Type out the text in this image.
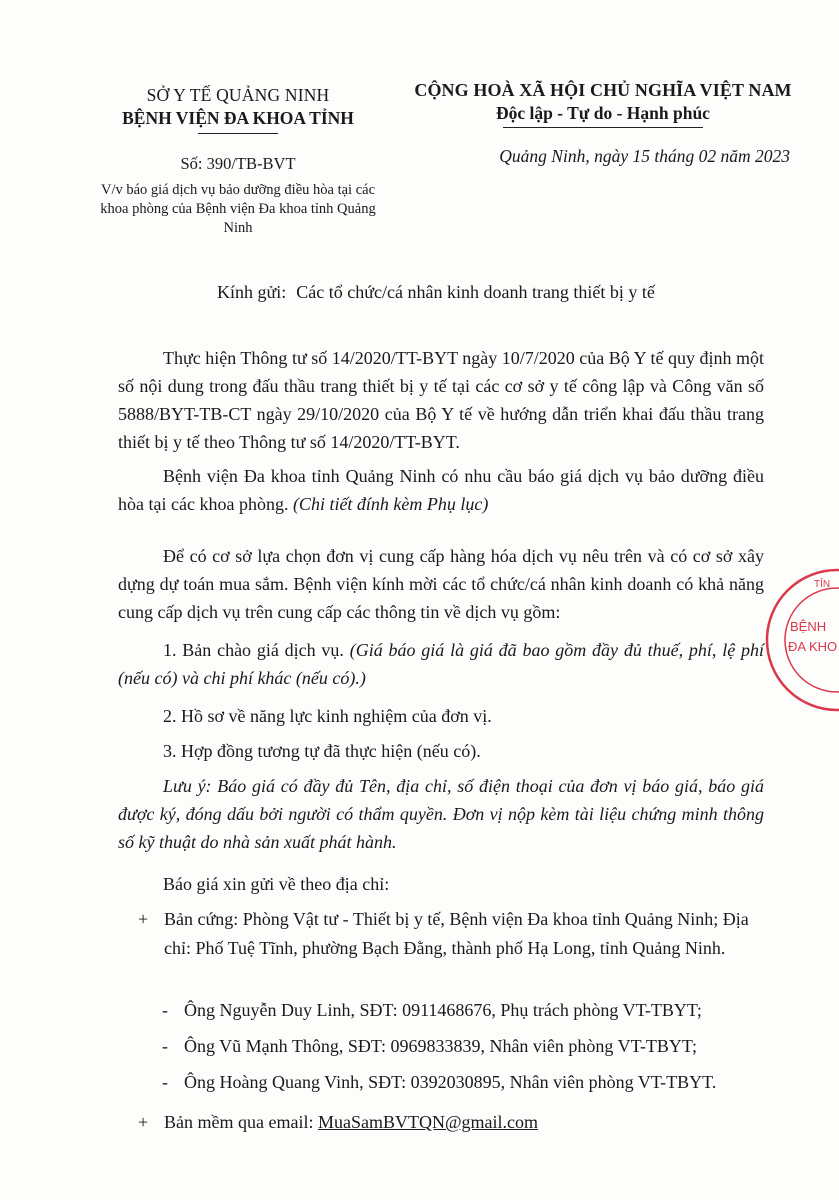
SỞ Y TẾ QUẢNG NINH
BỆNH VIỆN ĐA KHOA TỈNH
Số: 390/TB-BVT
V/v báo giá dịch vụ bảo dưỡng điều hòa tại các khoa phòng của Bệnh viện Đa khoa tỉnh Quảng Ninh
CỘNG HOÀ XÃ HỘI CHỦ NGHĨA VIỆT NAM
Độc lập - Tự do - Hạnh phúc
Quảng Ninh, ngày 15 tháng 02 năm 2023
Kính gửi: Các tổ chức/cá nhân kinh doanh trang thiết bị y tế

Thực hiện Thông tư số 14/2020/TT-BYT ngày 10/7/2020 của Bộ Y tế quy định một số nội dung trong đấu thầu trang thiết bị y tế tại các cơ sở y tế công lập và Công văn số 5888/BYT-TB-CT ngày 29/10/2020 của Bộ Y tế về hướng dẫn triển khai đấu thầu trang thiết bị y tế theo Thông tư số 14/2020/TT-BYT.

Bệnh viện Đa khoa tỉnh Quảng Ninh có nhu cầu báo giá dịch vụ bảo dưỡng điều hòa tại các khoa phòng. (Chi tiết đính kèm Phụ lục)

Để có cơ sở lựa chọn đơn vị cung cấp hàng hóa dịch vụ nêu trên và có cơ sở xây dựng dự toán mua sắm. Bệnh viện kính mời các tổ chức/cá nhân kinh doanh có khả năng cung cấp dịch vụ trên cung cấp các thông tin về dịch vụ gồm:

1. Bản chào giá dịch vụ. (Giá báo giá là giá đã bao gồm đầy đủ thuế, phí, lệ phí (nếu có) và chi phí khác (nếu có).)
2. Hồ sơ về năng lực kinh nghiệm của đơn vị.
3. Hợp đồng tương tự đã thực hiện (nếu có).

Lưu ý: Báo giá có đầy đủ Tên, địa chỉ, số điện thoại của đơn vị báo giá, báo giá được ký, đóng dấu bởi người có thẩm quyền. Đơn vị nộp kèm tài liệu chứng minh thông số kỹ thuật do nhà sản xuất phát hành.

Báo giá xin gửi về theo địa chỉ:
+ Bản cứng: Phòng Vật tư - Thiết bị y tế, Bệnh viện Đa khoa tỉnh Quảng Ninh; Địa chỉ: Phố Tuệ Tĩnh, phường Bạch Đằng, thành phố Hạ Long, tỉnh Quảng Ninh.
- Ông Nguyễn Duy Linh, SĐT: 0911468676, Phụ trách phòng VT-TBYT;
- Ông Vũ Mạnh Thông, SĐT: 0969833839, Nhân viên phòng VT-TBYT;
- Ông Hoàng Quang Vinh, SĐT: 0392030895, Nhân viên phòng VT-TBYT.
+ Bản mềm qua email: MuaSamBVTQN@gmail.com
TỈN
BỆNH
ĐA KHO
